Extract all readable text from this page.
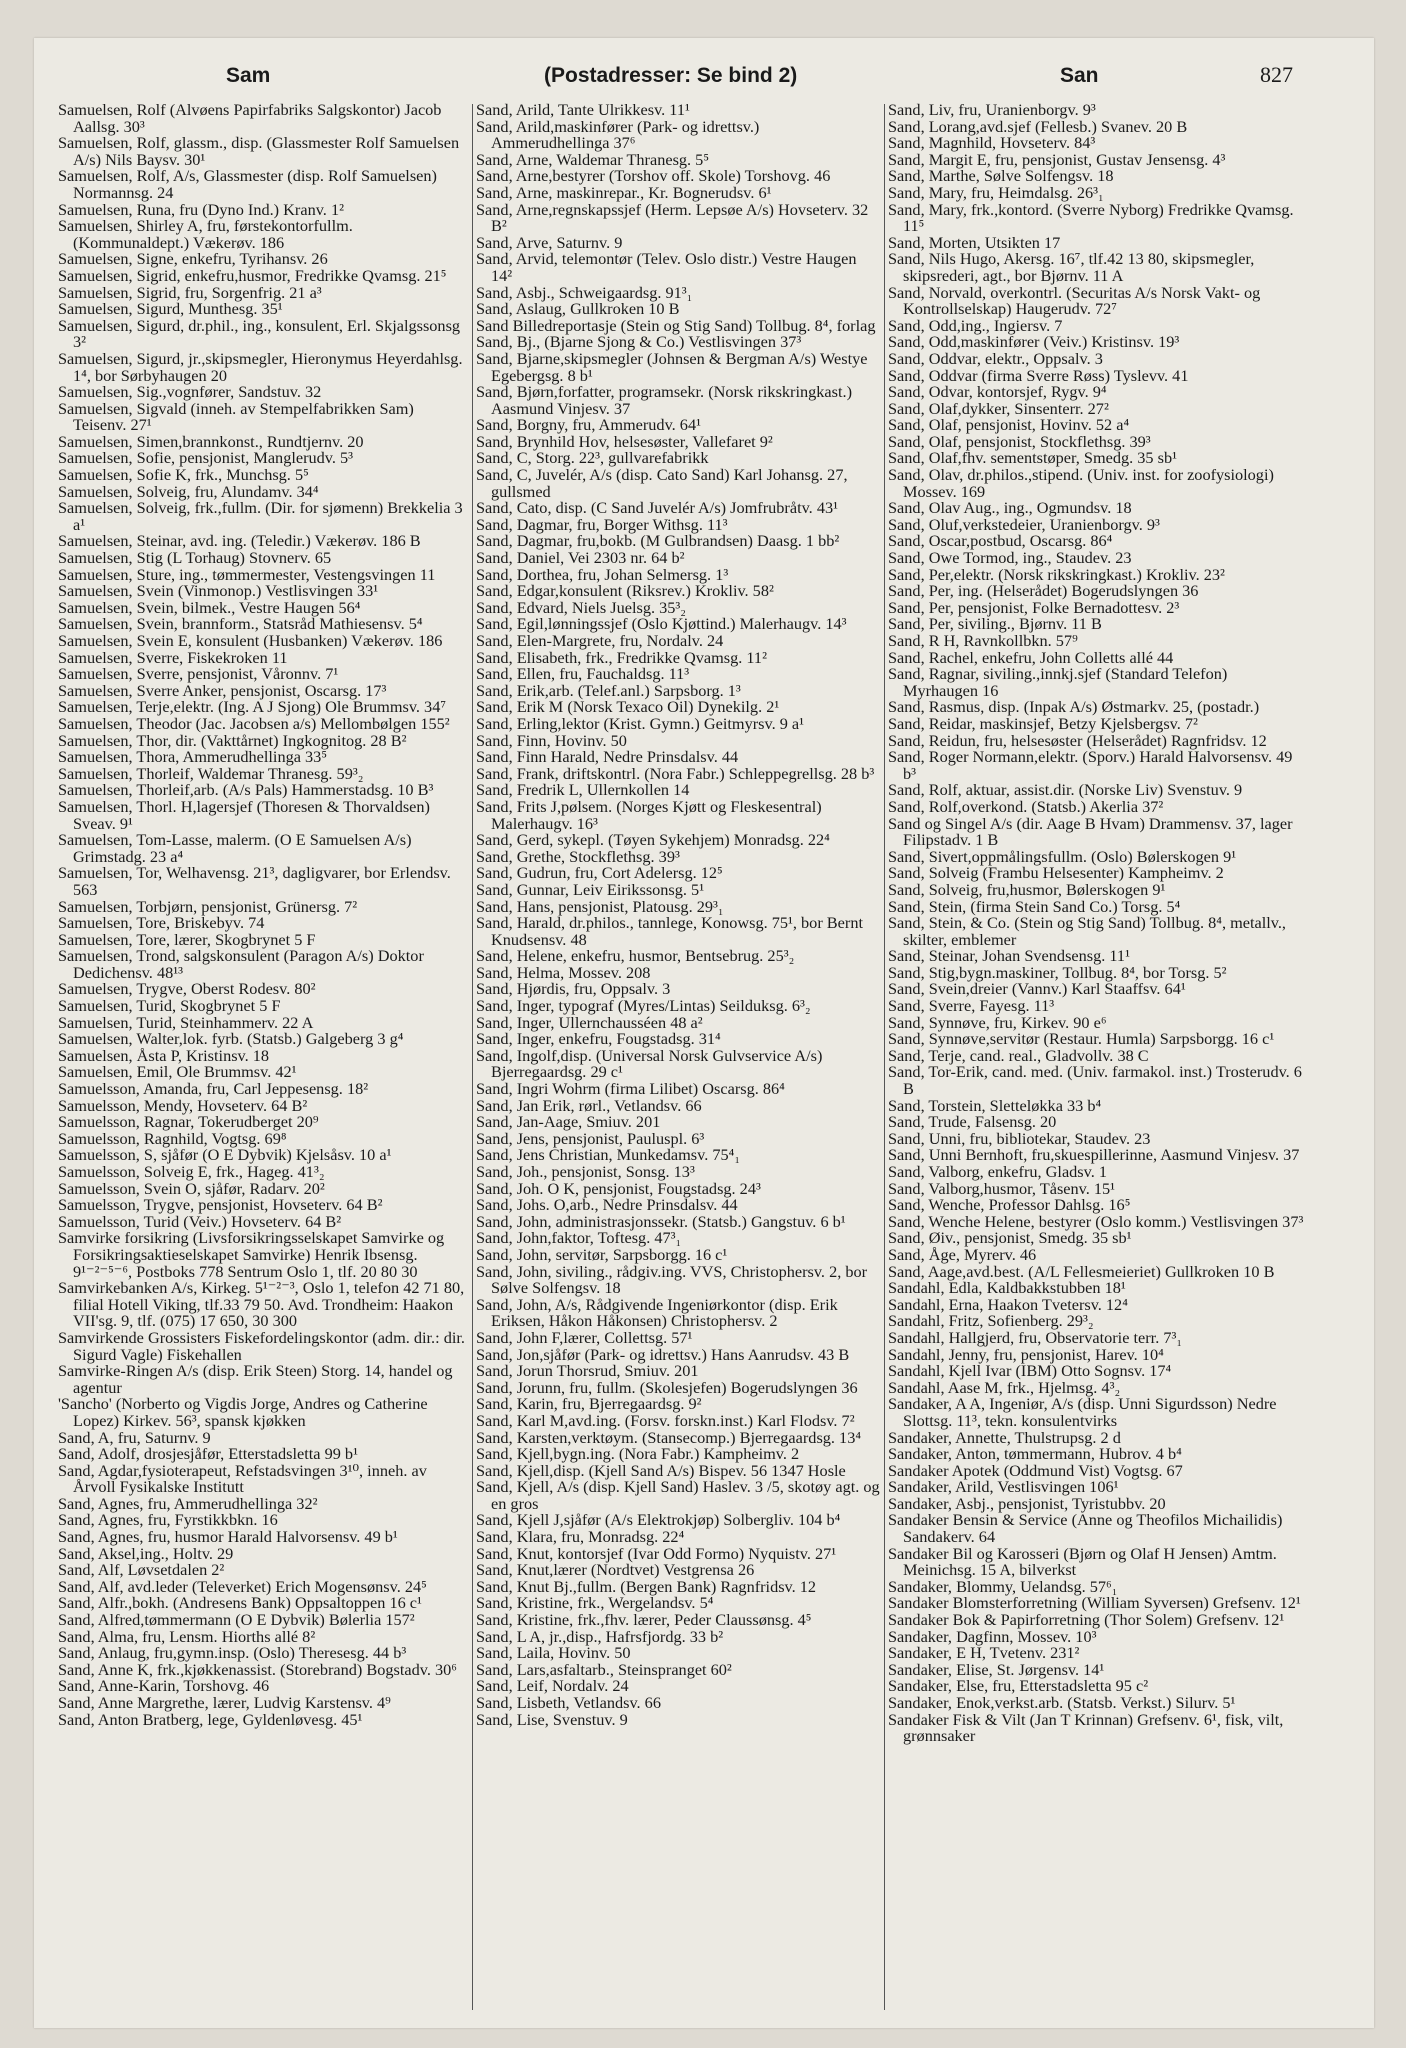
Sam	(Postadresser: Se bind 2)	San	827

Samuelsen, Rolf (Alvøens Papirfabriks Salgskontor) Jacob Aallsg. 30³

Samuelsen, Rolf, glassm., disp. (Glassmester Rolf Samuelsen A/s) Nils Baysv. 30¹

Samuelsen, Rolf, A/s, Glassmester (disp. Rolf Samuelsen) Normannsg. 24

Samuelsen, Runa, fru (Dyno Ind.) Kranv. 1²

Samuelsen, Shirley A, fru, førstekontorfullm. (Kommunaldept.) Vækerøv. 186

Samuelsen, Signe, enkefru, Tyrihansv. 26

Samuelsen, Sigrid, enkefru,husmor, Fredrikke Qvamsg. 21⁵

Samuelsen, Sigrid, fru, Sorgenfrig. 21 a³

Samuelsen, Sigurd, Munthesg. 35¹

Samuelsen, Sigurd, dr.phil., ing., konsulent, Erl. Skjalgssonsg 3²

Samuelsen, Sigurd, jr.,skipsmegler, Hieronymus Heyerdahlsg. 1⁴, bor Sørbyhaugen 20

Samuelsen, Sig.,vognfører, Sandstuv. 32

Samuelsen, Sigvald (inneh. av Stempelfabrikken Sam) Teisenv. 27¹

Samuelsen, Simen,brannkonst., Rundtjernv. 20

Samuelsen, Sofie, pensjonist, Manglerudv. 5³

Samuelsen, Sofie K, frk., Munchsg. 5⁵

Samuelsen, Solveig, fru, Alundamv. 34⁴

Samuelsen, Solveig, frk.,fullm. (Dir. for sjømenn) Brekkelia 3 a¹

Samuelsen, Steinar, avd. ing. (Teledir.) Vækerøv. 186 B

Samuelsen, Stig (L Torhaug) Stovnerv. 65

Samuelsen, Sture, ing., tømmermester, Vestengsvingen 11

Samuelsen, Svein (Vinmonop.) Vestlisvingen 33¹

Samuelsen, Svein, bilmek., Vestre Haugen 56⁴

Samuelsen, Svein, brannform., Statsråd Mathiesensv. 5⁴

Samuelsen, Svein E, konsulent (Husbanken) Vækerøv. 186

Samuelsen, Sverre, Fiskekroken 11

Samuelsen, Sverre, pensjonist, Våronnv. 7¹

Samuelsen, Sverre Anker, pensjonist, Oscarsg. 17³

Samuelsen, Terje,elektr. (Ing. A J Sjong) Ole Brummsv. 34⁷

Samuelsen, Theodor (Jac. Jacobsen a/s) Mellombølgen 155²

Samuelsen, Thor, dir. (Vakttårnet) Ingkognitog. 28 B²

Samuelsen, Thora, Ammerudhellinga 33⁵

Samuelsen, Thorleif, Waldemar Thranesg. 59³₂

Samuelsen, Thorleif,arb. (A/s Pals) Hammerstadsg. 10 B³

Samuelsen, Thorl. H,lagersjef (Thoresen & Thorvaldsen) Sveav. 9¹

Samuelsen, Tom-Lasse, malerm. (O E Samuelsen A/s) Grimstadg. 23 a⁴

Samuelsen, Tor, Welhavensg. 21³, dagligvarer, bor Erlendsv. 563

Samuelsen, Torbjørn, pensjonist, Grünersg. 7²

Samuelsen, Tore, Briskebyv. 74

Samuelsen, Tore, lærer, Skogbrynet 5 F

Samuelsen, Trond, salgskonsulent (Paragon A/s) Doktor Dedichensv. 48¹³

Samuelsen, Trygve, Oberst Rodesv. 80²

Samuelsen, Turid, Skogbrynet 5 F

Samuelsen, Turid, Steinhammerv. 22 A

Samuelsen, Walter,lok. fyrb. (Statsb.) Galgeberg 3 g⁴

Samuelsen, Åsta P, Kristinsv. 18

Samuelsen, Emil, Ole Brummsv. 42¹

Samuelsson, Amanda, fru, Carl Jeppesensg. 18²

Samuelsson, Mendy, Hovseterv. 64 B²

Samuelsson, Ragnar, Tokerudberget 20⁹

Samuelsson, Ragnhild, Vogtsg. 69⁸

Samuelsson, S, sjåfør (O E Dybvik) Kjelsåsv. 10 a¹

Samuelsson, Solveig E, frk., Hageg. 41³₂

Samuelsson, Svein O, sjåfør, Radarv. 20²

Samuelsson, Trygve, pensjonist, Hovseterv. 64 B²

Samuelsson, Turid (Veiv.) Hovseterv. 64 B²

Samvirke forsikring (Livsforsikringsselskapet Samvirke og Forsikringsaktieselskapet Samvirke) Henrik Ibsensg. 9¹⁻²⁻⁵⁻⁶, Postboks 778 Sentrum Oslo 1, tlf. 20 80 30

Samvirkebanken A/s, Kirkeg. 5¹⁻²⁻³, Oslo 1, telefon 42 71 80, filial Hotell Viking, tlf.33 79 50. Avd. Trondheim: Haakon VII'sg. 9, tlf. (075) 17 650, 30 300

Samvirkende Grossisters Fiskefordelingskontor (adm. dir.: dir. Sigurd Vagle) Fiskehallen

Samvirke-Ringen A/s (disp. Erik Steen) Storg. 14, handel og agentur

'Sancho' (Norberto og Vigdis Jorge, Andres og Catherine Lopez) Kirkev. 56³, spansk kjøkken

Sand, A, fru, Saturnv. 9

Sand, Adolf, drosjesjåfør, Etterstadsletta 99 b¹

Sand, Agdar,fysioterapeut, Refstadsvingen 3¹⁰, inneh. av Årvoll Fysikalske Institutt

Sand, Agnes, fru, Ammerudhellinga 32²

Sand, Agnes, fru, Fyrstikkbkn. 16

Sand, Agnes, fru, husmor Harald Halvorsensv. 49 b¹

Sand, Aksel,ing., Holtv. 29

Sand, Alf, Løvsetdalen 2²

Sand, Alf, avd.leder (Televerket) Erich Mogensønsv. 24⁵

Sand, Alfr.,bokh. (Andresens Bank) Oppsaltoppen 16 c¹

Sand, Alfred,tømmermann (O E Dybvik) Bølerlia 157²

Sand, Alma, fru, Lensm. Hiorths allé 8²

Sand, Anlaug, fru,gymn.insp. (Oslo) Theresesg. 44 b³

Sand, Anne K, frk.,kjøkkenassist. (Storebrand) Bogstadv. 30⁶

Sand, Anne-Karin, Torshovg. 46

Sand, Anne Margrethe, lærer, Ludvig Karstensv. 4⁹

Sand, Anton Bratberg, lege, Gyldenløvesg. 45¹

Sand, Arild, Tante Ulrikkesv. 11¹

Sand, Arild,maskinfører (Park- og idrettsv.) Ammerudhellinga 37⁶

Sand, Arne, Waldemar Thranesg. 5⁵

Sand, Arne,bestyrer (Torshov off. Skole) Torshovg. 46

Sand, Arne, maskinrepar., Kr. Bognerudsv. 6¹

Sand, Arne,regnskapssjef (Herm. Lepsøe A/s) Hovseterv. 32 B²

Sand, Arve, Saturnv. 9

Sand, Arvid, telemontør (Telev. Oslo distr.) Vestre Haugen 14²

Sand, Asbj., Schweigaardsg. 91³₁

Sand, Aslaug, Gullkroken 10 B

Sand Billedreportasje (Stein og Stig Sand) Tollbug. 8⁴, forlag

Sand, Bj., (Bjarne Sjong & Co.) Vestlisvingen 37³

Sand, Bjarne,skipsmegler (Johnsen & Bergman A/s) Westye Egebergsg. 8 b¹

Sand, Bjørn,forfatter, programsekr. (Norsk rikskringkast.) Aasmund Vinjesv. 37

Sand, Borgny, fru, Ammerudv. 64¹

Sand, Brynhild Hov, helsesøster, Vallefaret 9²

Sand, C, Storg. 22³, gullvarefabrikk

Sand, C, Juvelér, A/s (disp. Cato Sand) Karl Johansg. 27, gullsmed

Sand, Cato, disp. (C Sand Juvelér A/s) Jomfrubråtv. 43¹

Sand, Dagmar, fru, Borger Withsg. 11³

Sand, Dagmar, fru,bokb. (M Gulbrandsen) Daasg. 1 bb²

Sand, Daniel, Vei 2303 nr. 64 b²

Sand, Dorthea, fru, Johan Selmersg. 1³

Sand, Edgar,konsulent (Riksrev.) Krokliv. 58²

Sand, Edvard, Niels Juelsg. 35³₂

Sand, Egil,lønningssjef (Oslo Kjøttind.) Malerhaugv. 14³

Sand, Elen-Margrete, fru, Nordalv. 24

Sand, Elisabeth, frk., Fredrikke Qvamsg. 11²

Sand, Ellen, fru, Fauchaldsg. 11³

Sand, Erik,arb. (Telef.anl.) Sarpsborg. 1³

Sand, Erik M (Norsk Texaco Oil) Dynekilg. 2¹

Sand, Erling,lektor (Krist. Gymn.) Geitmyrsv. 9 a¹

Sand, Finn, Hovinv. 50

Sand, Finn Harald, Nedre Prinsdalsv. 44

Sand, Frank, driftskontrl. (Nora Fabr.) Schleppegrellsg. 28 b³

Sand, Fredrik L, Ullernkollen 14

Sand, Frits J,pølsem. (Norges Kjøtt og Fleskesentral) Malerhaugv. 16³

Sand, Gerd, sykepl. (Tøyen Sykehjem) Monradsg. 22⁴

Sand, Grethe, Stockflethsg. 39³

Sand, Gudrun, fru, Cort Adelersg. 12⁵

Sand, Gunnar, Leiv Eirikssonsg. 5¹

Sand, Hans, pensjonist, Platousg. 29³₁

Sand, Harald, dr.philos., tannlege, Konowsg. 75¹, bor Bernt Knudsensv. 48

Sand, Helene, enkefru, husmor, Bentsebrug. 25³₂

Sand, Helma, Mossev. 208

Sand, Hjørdis, fru, Oppsalv. 3

Sand, Inger, typograf (Myres/Lintas) Seilduksg. 6³₂

Sand, Inger, Ullernchausséen 48 a²

Sand, Inger, enkefru, Fougstadsg. 31⁴

Sand, Ingolf,disp. (Universal Norsk Gulvservice A/s) Bjerregaardsg. 29 c¹

Sand, Ingri Wohrm (firma Lilibet) Oscarsg. 86⁴

Sand, Jan Erik, rørl., Vetlandsv. 66

Sand, Jan-Aage, Smiuv. 201

Sand, Jens, pensjonist, Pauluspl. 6³

Sand, Jens Christian, Munkedamsv. 75⁴₁

Sand, Joh., pensjonist, Sonsg. 13³

Sand, Joh. O K, pensjonist, Fougstadsg. 24³

Sand, Johs. O,arb., Nedre Prinsdalsv. 44

Sand, John, administrasjonssekr. (Statsb.) Gangstuv. 6 b¹

Sand, John,faktor, Toftesg. 47³₁

Sand, John, servitør, Sarpsborgg. 16 c¹

Sand, John, siviling., rådgiv.ing. VVS, Christophersv. 2, bor Sølve Solfengsv. 18

Sand, John, A/s, Rådgivende Ingeniørkontor (disp. Erik Eriksen, Håkon Håkonsen) Christophersv. 2

Sand, John F,lærer, Collettsg. 57¹

Sand, Jon,sjåfør (Park- og idrettsv.) Hans Aanrudsv. 43 B

Sand, Jorun Thorsrud, Smiuv. 201

Sand, Jorunn, fru, fullm. (Skolesjefen) Bogerudslyngen 36

Sand, Karin, fru, Bjerregaardsg. 9²

Sand, Karl M,avd.ing. (Forsv. forskn.inst.) Karl Flodsv. 7²

Sand, Karsten,verktøym. (Stansecomp.) Bjerregaardsg. 13⁴

Sand, Kjell,bygn.ing. (Nora Fabr.) Kampheimv. 2

Sand, Kjell,disp. (Kjell Sand A/s) Bispev. 56 1347 Hosle

Sand, Kjell, A/s (disp. Kjell Sand) Haslev. 3 /5, skotøy agt. og en gros

Sand, Kjell J,sjåfør (A/s Elektrokjøp) Solbergliv. 104 b⁴

Sand, Klara, fru, Monradsg. 22⁴

Sand, Knut, kontorsjef (Ivar Odd Formo) Nyquistv. 27¹

Sand, Knut,lærer (Nordtvet) Vestgrensa 26

Sand, Knut Bj.,fullm. (Bergen Bank) Ragnfridsv. 12

Sand, Kristine, frk., Wergelandsv. 5⁴

Sand, Kristine, frk.,fhv. lærer, Peder Claussønsg. 4⁵

Sand, L A, jr.,disp., Hafrsfjordg. 33 b²

Sand, Laila, Hovinv. 50

Sand, Lars,asfaltarb., Steinspranget 60²

Sand, Leif, Nordalv. 24

Sand, Lisbeth, Vetlandsv. 66

Sand, Lise, Svenstuv. 9

Sand, Liv, fru, Uranienborgv. 9³

Sand, Lorang,avd.sjef (Fellesb.) Svanev. 20 B

Sand, Magnhild, Hovseterv. 84³

Sand, Margit E, fru, pensjonist, Gustav Jensensg. 4³

Sand, Marthe, Sølve Solfengsv. 18

Sand, Mary, fru, Heimdalsg. 26³₁

Sand, Mary, frk.,kontord. (Sverre Nyborg) Fredrikke Qvamsg. 11⁵

Sand, Morten, Utsikten 17

Sand, Nils Hugo, Akersg. 16⁷, tlf.42 13 80, skipsmegler, skipsrederi, agt., bor Bjørnv. 11 A

Sand, Norvald, overkontrl. (Securitas A/s Norsk Vakt- og Kontrollselskap) Haugerudv. 72⁷

Sand, Odd,ing., Ingiersv. 7

Sand, Odd,maskinfører (Veiv.) Kristinsv. 19³

Sand, Oddvar, elektr., Oppsalv. 3

Sand, Oddvar (firma Sverre Røss) Tyslevv. 41

Sand, Odvar, kontorsjef, Rygv. 9⁴

Sand, Olaf,dykker, Sinsenterr. 27²

Sand, Olaf, pensjonist, Hovinv. 52 a⁴

Sand, Olaf, pensjonist, Stockflethsg. 39³

Sand, Olaf,fhv. sementstøper, Smedg. 35 sb¹

Sand, Olav, dr.philos.,stipend. (Univ. inst. for zoofysiologi) Mossev. 169

Sand, Olav Aug., ing., Ogmundsv. 18

Sand, Oluf,verkstedeier, Uranienborgv. 9³

Sand, Oscar,postbud, Oscarsg. 86⁴

Sand, Owe Tormod, ing., Staudev. 23

Sand, Per,elektr. (Norsk rikskringkast.) Krokliv. 23²

Sand, Per, ing. (Helserådet) Bogerudslyngen 36

Sand, Per, pensjonist, Folke Bernadottesv. 2³

Sand, Per, siviling., Bjørnv. 11 B

Sand, R H, Ravnkollbkn. 57⁹

Sand, Rachel, enkefru, John Colletts allé 44

Sand, Ragnar, siviling.,innkj.sjef (Standard Telefon) Myrhaugen 16

Sand, Rasmus, disp. (Inpak A/s) Østmarkv. 25, (postadr.)

Sand, Reidar, maskinsjef, Betzy Kjelsbergsv. 7²

Sand, Reidun, fru, helsesøster (Helserådet) Ragnfridsv. 12

Sand, Roger Normann,elektr. (Sporv.) Harald Halvorsensv. 49 b³

Sand, Rolf, aktuar, assist.dir. (Norske Liv) Svenstuv. 9

Sand, Rolf,overkond. (Statsb.) Akerlia 37²

Sand og Singel A/s (dir. Aage B Hvam) Drammensv. 37, lager Filipstadv. 1 B

Sand, Sivert,oppmålingsfullm. (Oslo) Bølerskogen 9¹

Sand, Solveig (Frambu Helsesenter) Kampheimv. 2

Sand, Solveig, fru,husmor, Bølerskogen 9¹

Sand, Stein, (firma Stein Sand Co.) Torsg. 5⁴

Sand, Stein, & Co. (Stein og Stig Sand) Tollbug. 8⁴, metallv., skilter, emblemer

Sand, Steinar, Johan Svendsensg. 11¹

Sand, Stig,bygn.maskiner, Tollbug. 8⁴, bor Torsg. 5²

Sand, Svein,dreier (Vannv.) Karl Staaffsv. 64¹

Sand, Sverre, Fayesg. 11³

Sand, Synnøve, fru, Kirkev. 90 e⁶

Sand, Synnøve,servitør (Restaur. Humla) Sarpsborgg. 16 c¹

Sand, Terje, cand. real., Gladvollv. 38 C

Sand, Tor-Erik, cand. med. (Univ. farmakol. inst.) Trosterudv. 6 B

Sand, Torstein, Sletteløkka 33 b⁴

Sand, Trude, Falsensg. 20

Sand, Unni, fru, bibliotekar, Staudev. 23

Sand, Unni Bernhoft, fru,skuespillerinne, Aasmund Vinjesv. 37

Sand, Valborg, enkefru, Gladsv. 1

Sand, Valborg,husmor, Tåsenv. 15¹

Sand, Wenche, Professor Dahlsg. 16⁵

Sand, Wenche Helene, bestyrer (Oslo komm.) Vestlisvingen 37³

Sand, Øiv., pensjonist, Smedg. 35 sb¹

Sand, Åge, Myrerv. 46

Sand, Aage,avd.best. (A/L Fellesmeieriet) Gullkroken 10 B

Sandahl, Edla, Kaldbakkstubben 18¹

Sandahl, Erna, Haakon Tvetersv. 12⁴

Sandahl, Fritz, Sofienberg. 29³₂

Sandahl, Hallgjerd, fru, Observatorie terr. 7³₁

Sandahl, Jenny, fru, pensjonist, Harev. 10⁴

Sandahl, Kjell Ivar (IBM) Otto Sognsv. 17⁴

Sandahl, Aase M, frk., Hjelmsg. 4³₂

Sandaker, A A, Ingeniør, A/s (disp. Unni Sigurdsson) Nedre Slottsg. 11³, tekn. konsulentvirks

Sandaker, Annette, Thulstrupsg. 2 d

Sandaker, Anton, tømmermann, Hubrov. 4 b⁴

Sandaker Apotek (Oddmund Vist) Vogtsg. 67

Sandaker, Arild, Vestlisvingen 106¹

Sandaker, Asbj., pensjonist, Tyristubbv. 20

Sandaker Bensin & Service (Anne og Theofilos Michailidis) Sandakerv. 64

Sandaker Bil og Karosseri (Bjørn og Olaf H Jensen) Amtm. Meinichsg. 15 A, bilverkst

Sandaker, Blommy, Uelandsg. 57⁶₁

Sandaker Blomsterforretning (William Syversen) Grefsenv. 12¹

Sandaker Bok & Papirforretning (Thor Solem) Grefsenv. 12¹

Sandaker, Dagfinn, Mossev. 10³

Sandaker, E H, Tvetenv. 231²

Sandaker, Elise, St. Jørgensv. 14¹

Sandaker, Else, fru, Etterstadsletta 95 c²

Sandaker, Enok,verkst.arb. (Statsb. Verkst.) Silurv. 5¹

Sandaker Fisk & Vilt (Jan T Krinnan) Grefsenv. 6¹, fisk, vilt, grønnsaker
